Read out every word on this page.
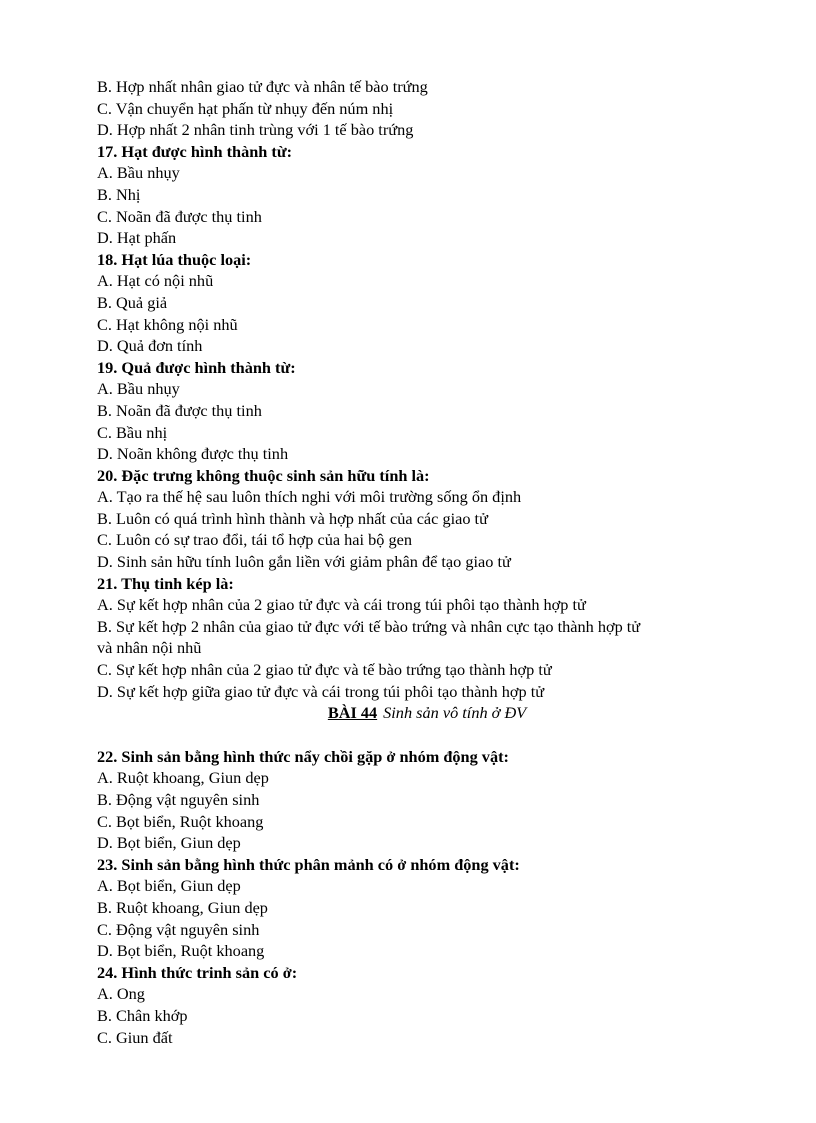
B. Hợp nhất nhân giao tử đực và nhân tế bào trứng
C. Vận chuyển hạt phấn từ nhụy đến núm nhị
D. Hợp nhất 2 nhân tinh trùng với 1 tế bào trứng
17. Hạt được hình thành từ:
A. Bầu nhụy
B. Nhị
C. Noãn đã được thụ tinh
D. Hạt phấn
18. Hạt lúa thuộc loại:
A. Hạt có nội nhũ
B. Quả giả
C. Hạt không nội nhũ
D. Quả đơn tính
19. Quả được hình thành từ:
A. Bầu nhụy
B. Noãn đã được thụ tinh
C. Bầu nhị
D. Noãn không được thụ tinh
20. Đặc trưng không thuộc sinh sản hữu tính là:
A. Tạo ra thế hệ sau luôn thích nghi với môi trường sống ổn định
B. Luôn có quá trình hình thành và hợp nhất của các giao tử
C. Luôn có sự trao đổi, tái tổ hợp của hai bộ gen
D. Sinh sản hữu tính luôn gắn liền với giảm phân để tạo giao tử
21. Thụ tinh kép là:
A. Sự kết hợp nhân của 2 giao tử đực và cái trong túi phôi tạo thành hợp tử
B. Sự kết hợp 2 nhân của giao tử đực với tế bào trứng và nhân cực tạo thành hợp tử
và nhân nội nhũ
C. Sự kết hợp nhân của 2 giao tử đực và tế bào trứng tạo thành hợp tử
D. Sự kết hợp giữa giao tử đực và cái trong túi phôi tạo thành hợp tử
BÀI 44 Sinh sản vô tính ở ĐV
22. Sinh sản bằng hình thức nẩy chồi gặp ở nhóm động vật:
A. Ruột khoang, Giun dẹp
B. Động vật nguyên sinh
C. Bọt biển, Ruột khoang
D. Bọt biển, Giun dẹp
23. Sinh sản bằng hình thức phân mảnh có ở nhóm động vật:
A. Bọt biển, Giun dẹp
B. Ruột khoang, Giun dẹp
C. Động vật nguyên sinh
D. Bọt biển, Ruột khoang
24. Hình thức trinh sản có ở:
A. Ong
B. Chân khớp
C. Giun đất
